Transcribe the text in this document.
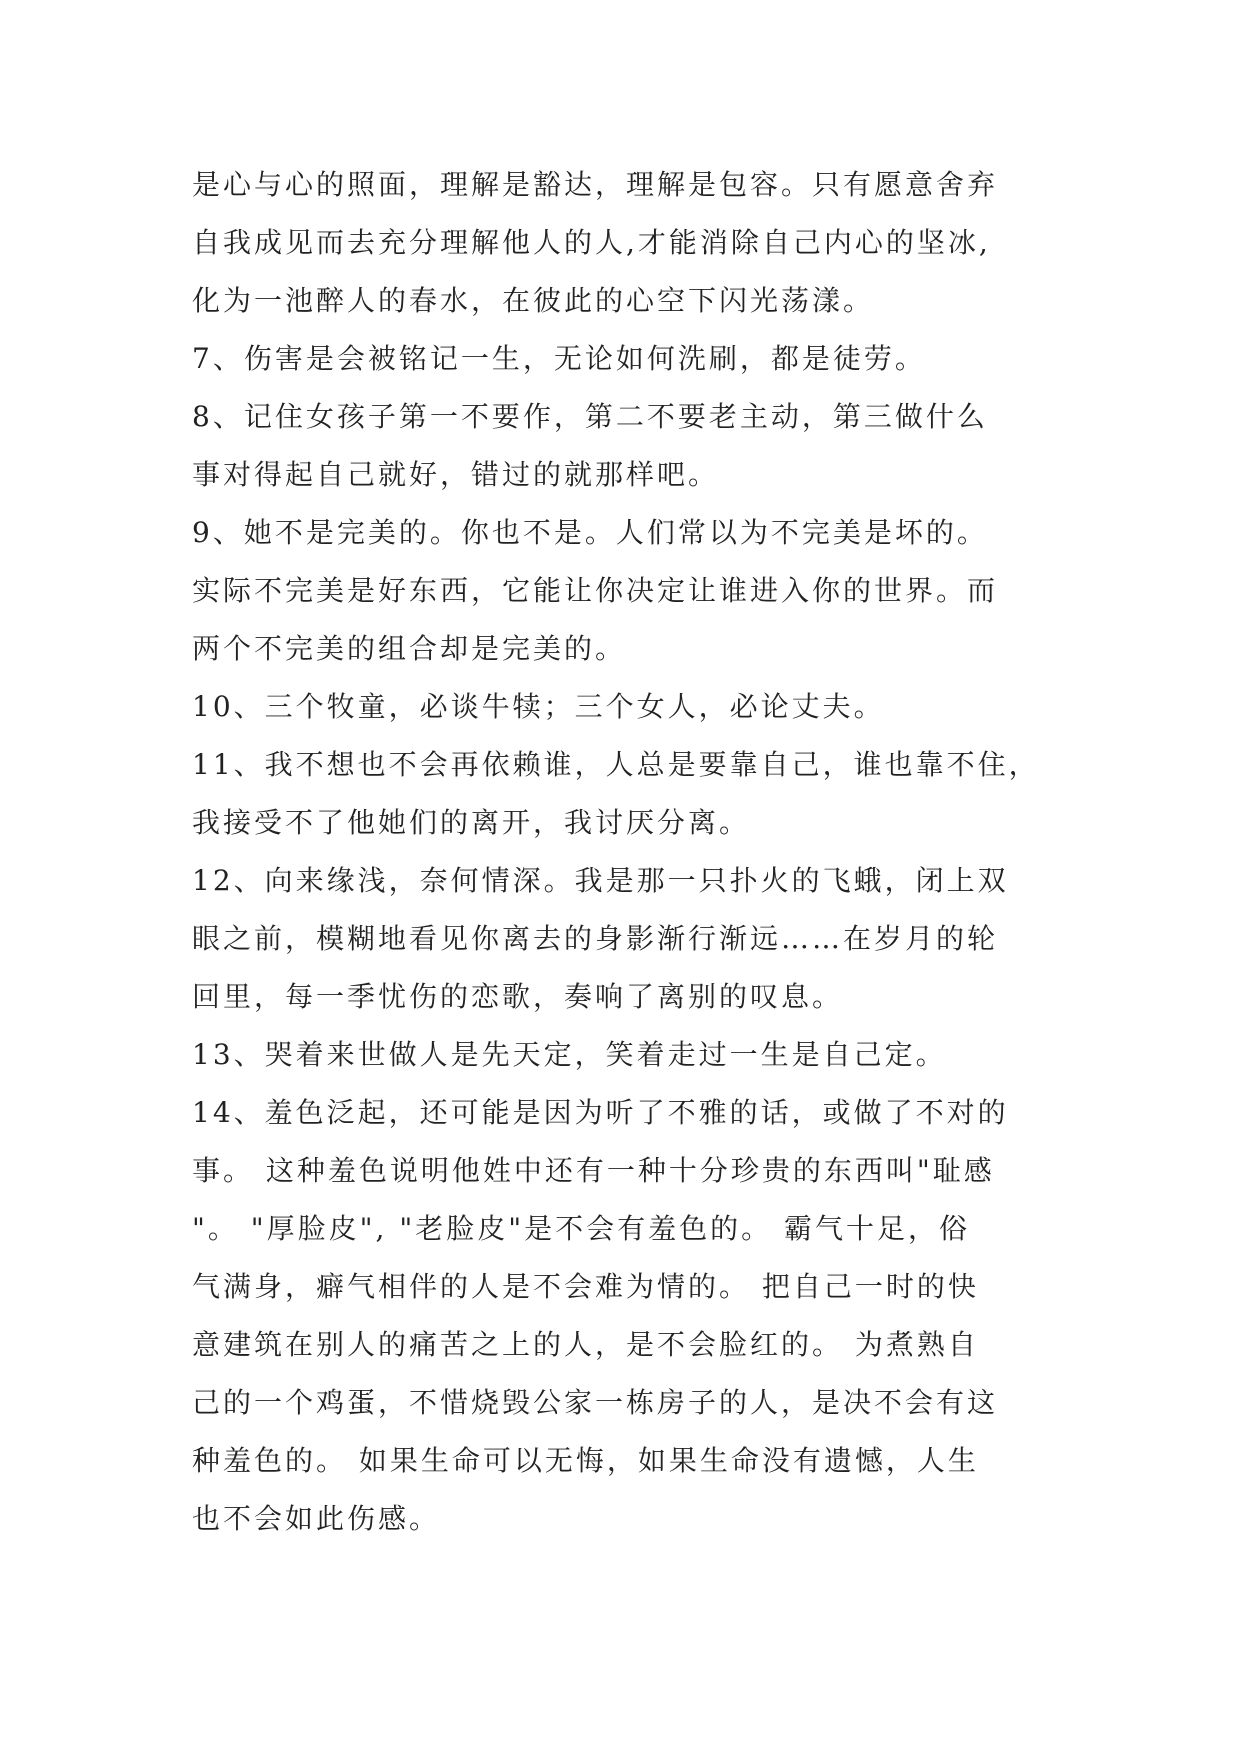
是心与心的照面，理解是豁达，理解是包容。只有愿意舍弃

自我成见而去充分理解他人的人,才能消除自己内心的坚冰,

化为一池醉人的春水，在彼此的心空下闪光荡漾。

7、伤害是会被铭记一生，无论如何洗刷，都是徒劳。

8、记住女孩子第一不要作，第二不要老主动，第三做什么

事对得起自己就好，错过的就那样吧。

9、她不是完美的。你也不是。人们常以为不完美是坏的。

实际不完美是好东西，它能让你决定让谁进入你的世界。而

两个不完美的组合却是完美的。

10、三个牧童，必谈牛犊；三个女人，必论丈夫。

11、我不想也不会再依赖谁，人总是要靠自己，谁也靠不住，

我接受不了他她们的离开，我讨厌分离。

12、向来缘浅，奈何情深。我是那一只扑火的飞蛾，闭上双

眼之前，模糊地看见你离去的身影渐行渐远……在岁月的轮

回里，每一季忧伤的恋歌，奏响了离别的叹息。

13、哭着来世做人是先天定，笑着走过一生是自己定。

14、羞色泛起，还可能是因为听了不雅的话，或做了不对的

事。 这种羞色说明他姓中还有一种十分珍贵的东西叫"耻感

"。 "厚脸皮", "老脸皮"是不会有羞色的。 霸气十足，俗

气满身，癖气相伴的人是不会难为情的。 把自己一时的快

意建筑在别人的痛苦之上的人，是不会脸红的。 为煮熟自

己的一个鸡蛋，不惜烧毁公家一栋房子的人，是决不会有这

种羞色的。 如果生命可以无悔，如果生命没有遗憾，人生

也不会如此伤感。
